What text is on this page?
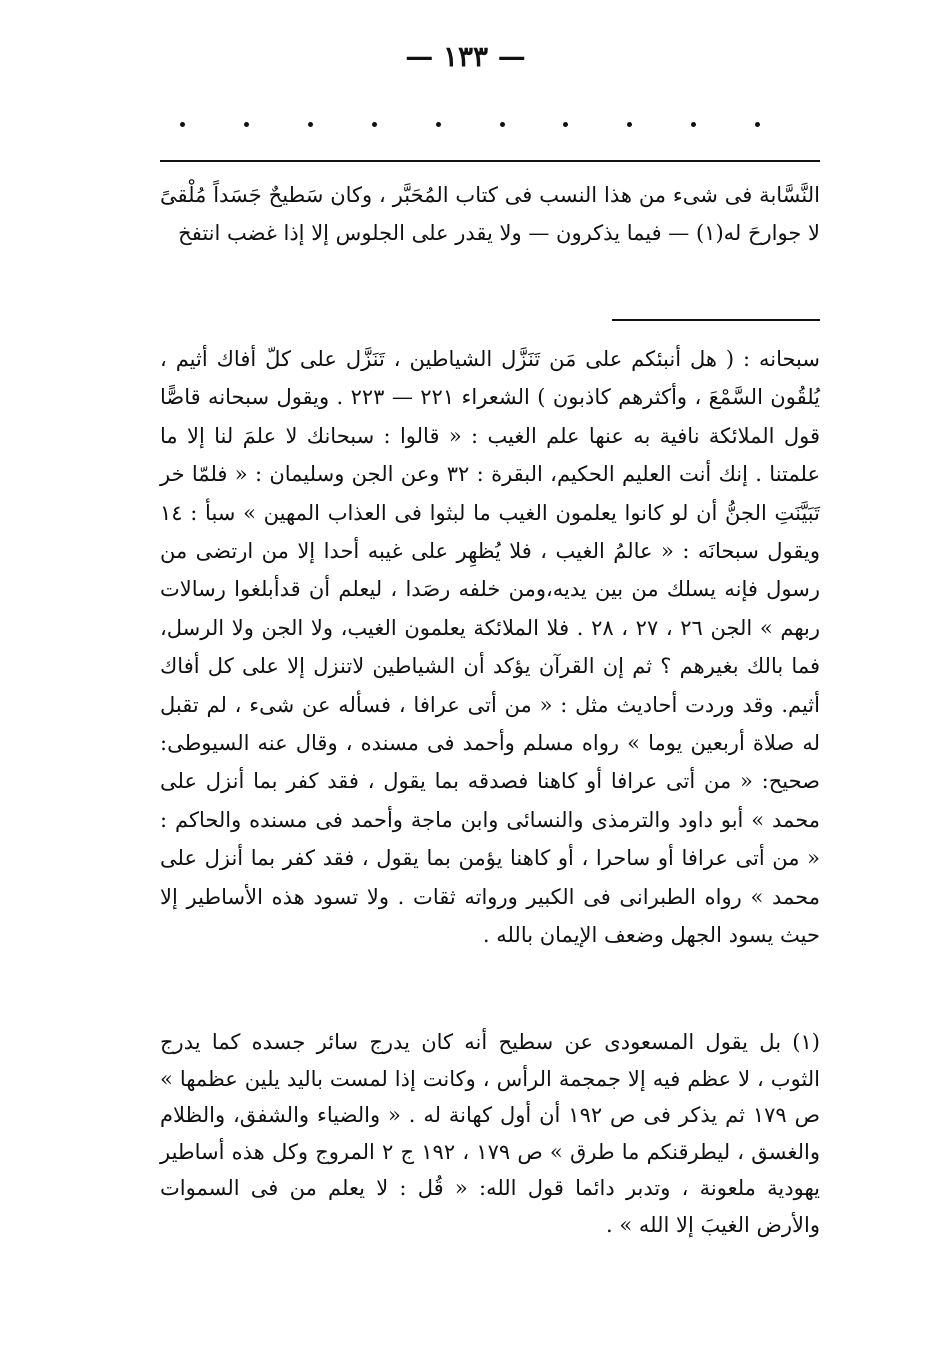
— ١٣٣ —

النَّسَّابة فى شىء من هذا النسب فى كتاب المُحَبَّر ، وكان سَطيحٌ جَسَداً مُلْقىً لا جوارحَ له(١) — فيما يذكرون — ولا يقدر على الجلوس إلا إذا غضب انتفخ

سبحانه : ( هل أنبئكم على مَن تَنَزَّل الشياطين ، تَنَزَّل على كلّ أفاك أثيم ، يُلقُون السَّمْعَ ، وأكثرهم كاذبون ) الشعراء ٢٢١ — ٢٢٣ . ويقول سبحانه قاصًّا قول الملائكة نافية به عنها علم الغيب : « قالوا : سبحانك لا علمَ لنا إلا ما علمتنا . إنك أنت العليم الحكيم، البقرة : ٣٢ وعن الجن وسليمان : « فلمّا خر تَبَيَّنَتِ الجنُّ أن لو كانوا يعلمون الغيب ما لبثوا فى العذاب المهين » سبأ : ١٤ ويقول سبحانَه : « عالمُ الغيب ، فلا يُظهِر على غيبه أحدا إلا من ارتضى من رسول فإنه يسلك من بين يديه،ومن خلفه رصَدا ، ليعلم أن قدأبلغوا رسالات ربهم » الجن ٢٦ ، ٢٧ ، ٢٨ . فلا الملائكة يعلمون الغيب، ولا الجن ولا الرسل، فما بالك بغيرهم ؟ ثم إن القرآن يؤكد أن الشياطين لاتنزل إلا على كل أفاك أثيم. وقد وردت أحاديث مثل : « من أتى عرافا ، فسأله عن شىء ، لم تقبل له صلاة أربعين يوما » رواه مسلم وأحمد فى مسنده ، وقال عنه السيوطى: صحيح: « من أتى عرافا أو كاهنا فصدقه بما يقول ، فقد كفر بما أنزل على محمد » أبو داود والترمذى والنسائى وابن ماجة وأحمد فى مسنده والحاكم : « من أتى عرافا أو ساحرا ، أو كاهنا يؤمن بما يقول ، فقد كفر بما أنزل على محمد » رواه الطبرانى فى الكبير ورواته ثقات . ولا تسود هذه الأساطير إلا حيث يسود الجهل وضعف الإيمان بالله .

(١) بل يقول المسعودى عن سطيح أنه كان يدرج سائر جسده كما يدرج الثوب ، لا عظم فيه إلا جمجمة الرأس ، وكانت إذا لمست باليد يلين عظمها » ص ١٧٩ ثم يذكر فى ص ١٩٢ أن أول كهانة له . « والضياء والشفق، والظلام والغسق ، ليطرقنكم ما طرق » ص ١٧٩ ، ١٩٢ ج ٢ المروج وكل هذه أساطير يهودية ملعونة ، وتدبر دائما قول الله: « قُل : لا يعلم من فى السموات والأرض الغيبَ إلا الله » .
